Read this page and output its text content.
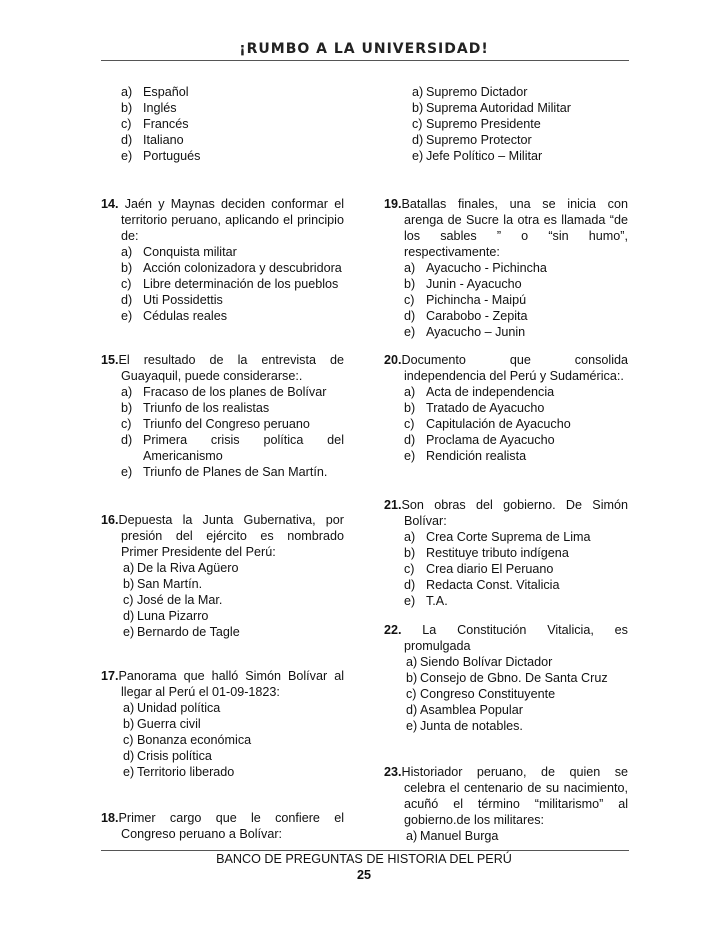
¡RUMBO A LA UNIVERSIDAD!
a) Español
b) Inglés
c) Francés
d) Italiano
e) Portugués
14. Jaén y Maynas deciden conformar el territorio peruano, aplicando el principio de:
a) Conquista militar
b) Acción colonizadora y descubridora
c) Libre determinación de los pueblos
d) Uti Possidettis
e) Cédulas reales
15.El resultado de la entrevista de Guayaquil, puede considerarse:.
a) Fracaso de los planes de Bolívar
b) Triunfo de los realistas
c) Triunfo del Congreso peruano
d) Primera crisis política del Americanismo
e) Triunfo de Planes de San Martín.
16.Depuesta la Junta Gubernativa, por presión del ejército es nombrado Primer Presidente del Perú:
a) De la Riva Agüero
b) San Martín.
c) José de la Mar.
d) Luna Pizarro
e) Bernardo de Tagle
17.Panorama que halló Simón Bolívar al llegar al Perú el 01-09-1823:
a) Unidad política
b) Guerra civil
c) Bonanza económica
d) Crisis política
e) Territorio liberado
18.Primer cargo que le confiere el Congreso peruano a Bolívar:
a) Supremo Dictador
b) Suprema Autoridad Militar
c) Supremo Presidente
d) Supremo Protector
e) Jefe Político – Militar
19.Batallas finales, una se inicia con arenga de Sucre la otra es llamada “de los sables ” o “sin humo”, respectivamente:
a) Ayacucho - Pichincha
b) Junin - Ayacucho
c) Pichincha - Maipú
d) Carabobo - Zepita
e) Ayacucho – Junin
20.Documento que consolida independencia del Perú y Sudamérica:.
a) Acta de independencia
b) Tratado de Ayacucho
c) Capitulación de Ayacucho
d) Proclama de Ayacucho
e) Rendición realista
21.Son obras del gobierno. De Simón Bolívar:
a) Crea Corte Suprema de Lima
b) Restituye tributo indígena
c) Crea diario El Peruano
d) Redacta Const. Vitalicia
e) T.A.
22. La Constitución Vitalicia, es
promulgada
a) Siendo Bolívar Dictador
b) Consejo de Gbno. De Santa Cruz
c) Congreso Constituyente
d) Asamblea Popular
e) Junta de notables.
23.Historiador peruano, de quien se celebra el centenario de su nacimiento, acuñó el término “militarismo” al gobierno.de los militares:
a) Manuel Burga
BANCO DE PREGUNTAS DE HISTORIA DEL PERÚ
25
